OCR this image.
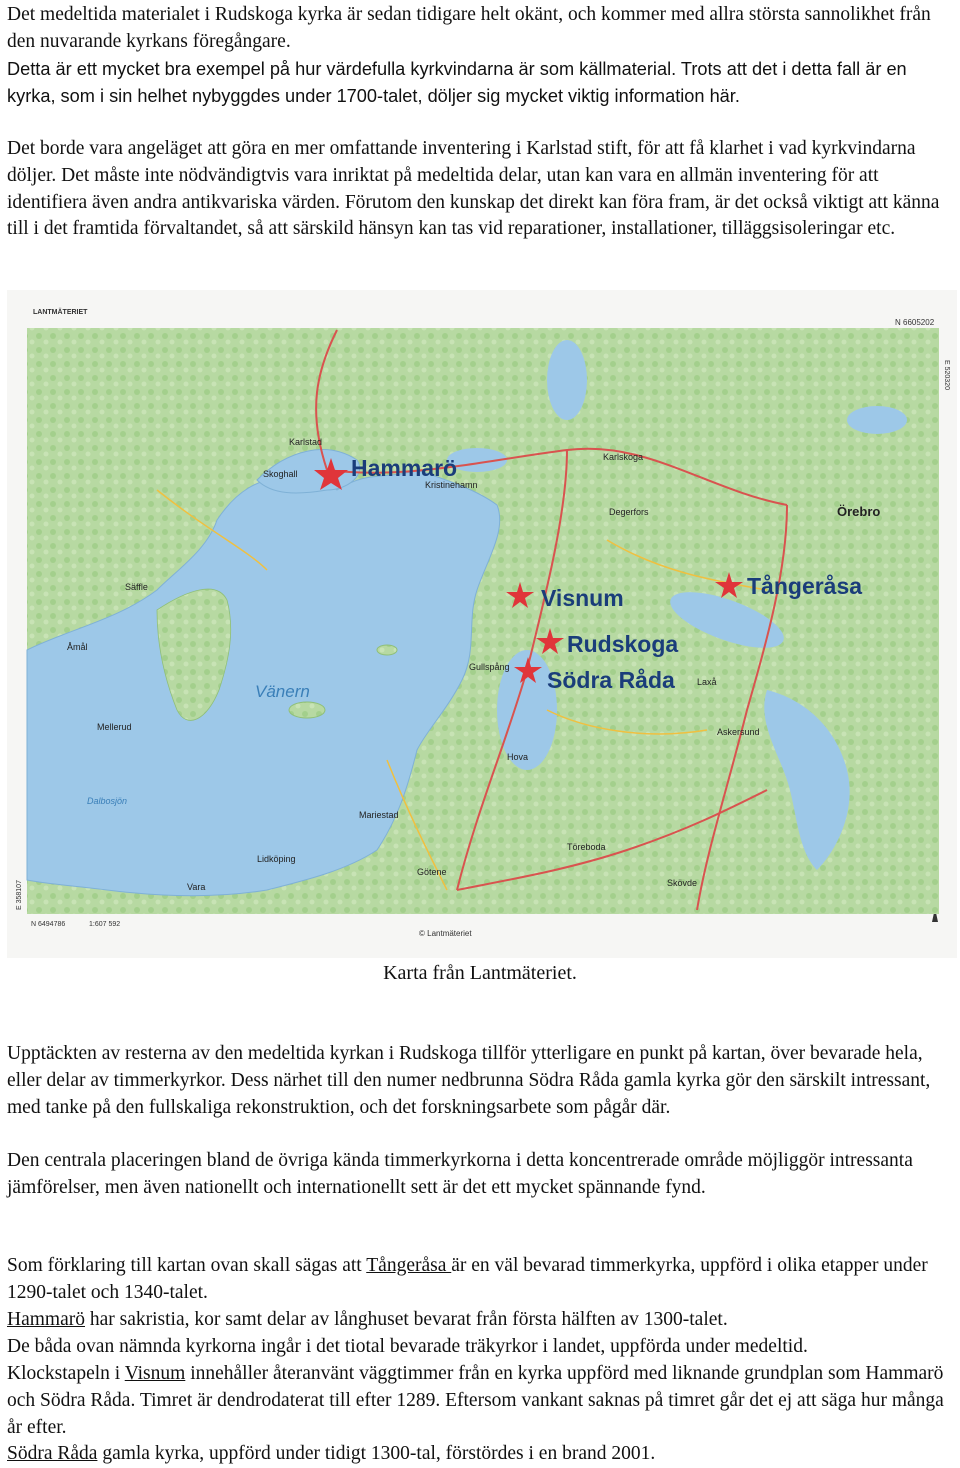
Det medeltida materialet i Rudskoga kyrka är sedan tidigare helt okänt, och kommer med allra största sannolikhet från den nuvarande kyrkans föregångare.

Detta är ett mycket bra exempel på hur värdefulla kyrkvindarna är som källmaterial. Trots att det i detta fall är en kyrka, som i sin helhet nybyggdes under 1700-talet, döljer sig mycket viktig information här.

Det borde vara angeläget att göra en mer omfattande inventering i Karlstad stift, för att få klarhet i vad kyrkvindarna döljer. Det måste inte nödvändigtvis vara inriktat på medeltida delar, utan kan vara en allmän inventering för att identifiera även andra antikvariska värden. Förutom den kunskap det direkt kan föra fram, är det också viktigt att känna till i det framtida förvaltandet, så att särskild hänsyn kan tas vid reparationer, installationer, tilläggsisoleringar etc.

LANTMÄTERIET
N 6605202
N 6494786	1:607 592
E 358107
E 520320
© Lantmäteriet
Vänern
Karlstad
Skoghall
Kristinehamn
Karlskoga
Örebro
Säffle
Mariestad
Dalbosjön
Åmål
Degerfors
Laxå
Askersund
Hova
Gullspång
Töreboda
Skövde
Lidköping
Vara
Götene
Mellerud
Hammarö
Visnum	Tångeråsa
Rudskoga
Södra Råda
Karta från Lantmäteriet.

Upptäckten av resterna av den medeltida kyrkan i Rudskoga tillför ytterligare en punkt på kartan, över bevarade hela, eller delar av timmerkyrkor. Dess närhet till den numer nedbrunna Södra Råda gamla kyrka gör den särskilt intressant, med tanke på den fullskaliga rekonstruktion, och det forskningsarbete som pågår där.

Den centrala placeringen bland de övriga kända timmerkyrkorna i detta koncentrerade område möjliggör intressanta jämförelser, men även nationellt och internationellt sett är det ett mycket spännande fynd.

Som förklaring till kartan ovan skall sägas att Tångeråsa är en väl bevarad timmerkyrka, uppförd i olika etapper under 1290-talet och 1340-talet.

Hammarö har sakristia, kor samt delar av långhuset bevarat från första hälften av 1300-talet.

De båda ovan nämnda kyrkorna ingår i det tiotal bevarade träkyrkor i landet, uppförda under medeltid.

Klockstapeln i Visnum innehåller återanvänt väggtimmer från en kyrka uppförd med liknande grundplan som Hammarö och Södra Råda. Timret är dendrodaterat till efter 1289. Eftersom vankant saknas på timret går det ej att säga hur många år efter.

Södra Råda gamla kyrka, uppförd under tidigt 1300-tal, förstördes i en brand 2001.
